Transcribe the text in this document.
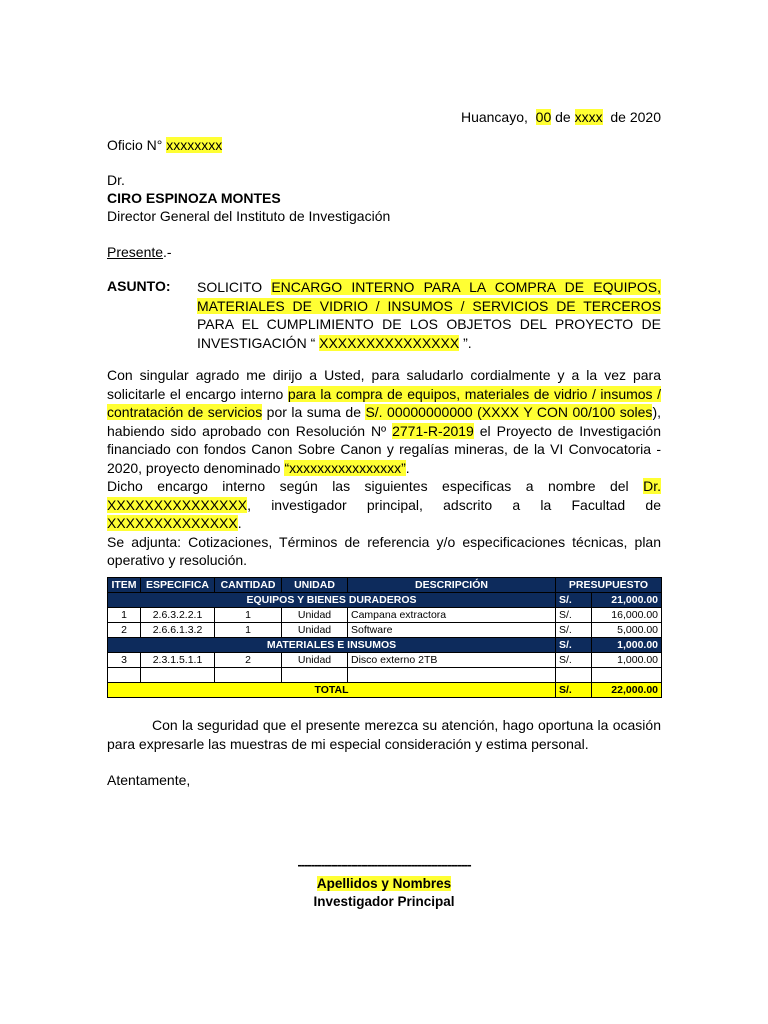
Huancayo, 00 de xxxx de 2020
Oficio N° xxxxxxxx
Dr.
CIRO ESPINOZA MONTES
Director General del Instituto de Investigación
Presente.-
ASUNTO: SOLICITO ENCARGO INTERNO PARA LA COMPRA DE EQUIPOS, MATERIALES DE VIDRIO / INSUMOS / SERVICIOS DE TERCEROS PARA EL CUMPLIMIENTO DE LOS OBJETOS DEL PROYECTO DE INVESTIGACIÓN “ XXXXXXXXXXXXXXX ”.

Con singular agrado me dirijo a Usted, para saludarlo cordialmente y a la vez para solicitarle el encargo interno para la compra de equipos, materiales de vidrio / insumos / contratación de servicios por la suma de S/. 00000000000 (XXXX Y CON 00/100 soles), habiendo sido aprobado con Resolución Nº 2771-R-2019 el Proyecto de Investigación financiado con fondos Canon Sobre Canon y regalías mineras, de la VI Convocatoria - 2020, proyecto denominado “xxxxxxxxxxxxxxxx”.

Dicho encargo interno según las siguientes especificas a nombre del Dr. XXXXXXXXXXXXXXX, investigador principal, adscrito a la Facultad de XXXXXXXXXXXXXX.

Se adjunta: Cotizaciones, Términos de referencia y/o especificaciones técnicas, plan operativo y resolución.

ITEM	ESPECIFICA	CANTIDAD	UNIDAD	DESCRIPCIÓN	PRESUPUESTO	
EQUIPOS Y BIENES DURADEROS					S/.	21,000.00
1	2.6.3.2.2.1	1	Unidad	Campana extractora	S/.	16,000.00
2	2.6.6.1.3.2	1	Unidad	Software	S/.	5,000.00
MATERIALES E INSUMOS					S/.	1,000.00
3	2.3.1.5.1.1	2	Unidad	Disco externo 2TB	S/.	1,000.00

TOTAL					S/.	22,000.00
Con la seguridad que el presente merezca su atención, hago oportuna la ocasión para expresarle las muestras de mi especial consideración y estima personal.
Atentamente,
----------------------------------------------------
Apellidos y Nombres
Investigador Principal
